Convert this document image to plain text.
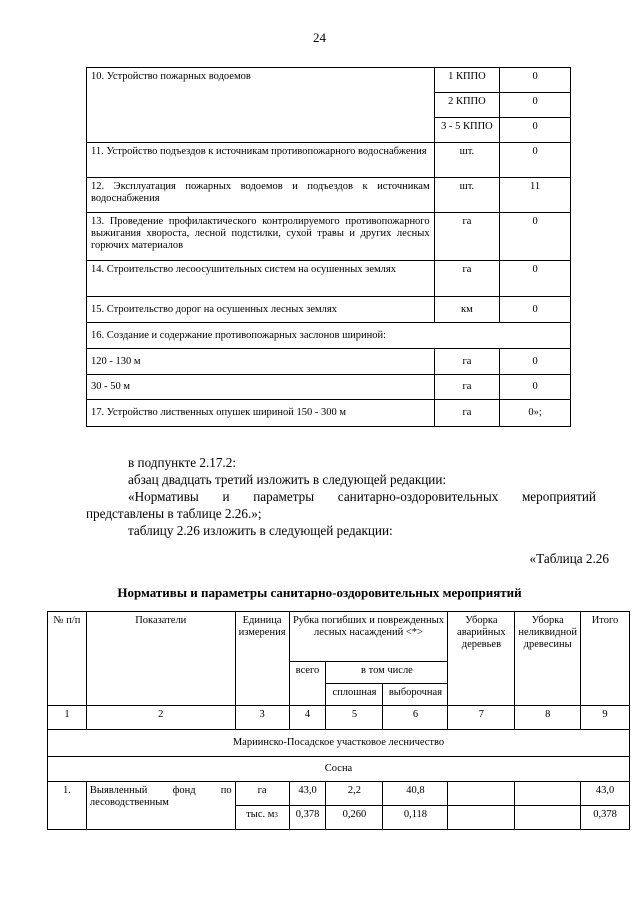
24
10. Устройство пожарных водоемов	1 КППО	0
	2 КППО	0
	3 - 5 КППО	0
11. Устройство подъездов к источникам противопожарного водоснабжения	шт.	0
12. Эксплуатация пожарных водоемов и подъездов к источникам водоснабжения	шт.	11
13. Проведение профилактического контролируемого противопожарного выжигания хвороста, лесной подстилки, сухой травы и других лесных горючих материалов	га	0
14. Строительство лесоосушительных систем на осушенных землях	га	0
15. Строительство дорог на осушенных лесных землях	км	0
16. Создание и содержание противопожарных заслонов шириной:		
120 - 130 м	га	0
30 - 50 м	га	0
17. Устройство лиственных опушек шириной 150 - 300 м	га	0»;
в подпункте 2.17.2:
абзац двадцать третий изложить в следующей редакции:
«Нормативы и параметры санитарно-оздоровительных мероприятий
представлены в таблице 2.26.»;
таблицу 2.26 изложить в следующей редакции:
«Таблица 2.26
Нормативы и параметры санитарно-оздоровительных мероприятий
№ п/п	Показатели	Единица измерения	Рубка погибших и поврежденных лесных насаждений <*>			Уборка аварийных деревьев	Уборка неликвидной древесины	Итого
			всего	в том числе				
				сплошная	выборочная			
1	2	3	4	5	6	7	8	9
Мариинско-Посадское участковое лесничество								
Сосна								
1.	Выявленный фонд по лесоводственным	га	43,0	2,2	40,8			43,0
		тыс. $м^3$	0,378	0,260	0,118			0,378
